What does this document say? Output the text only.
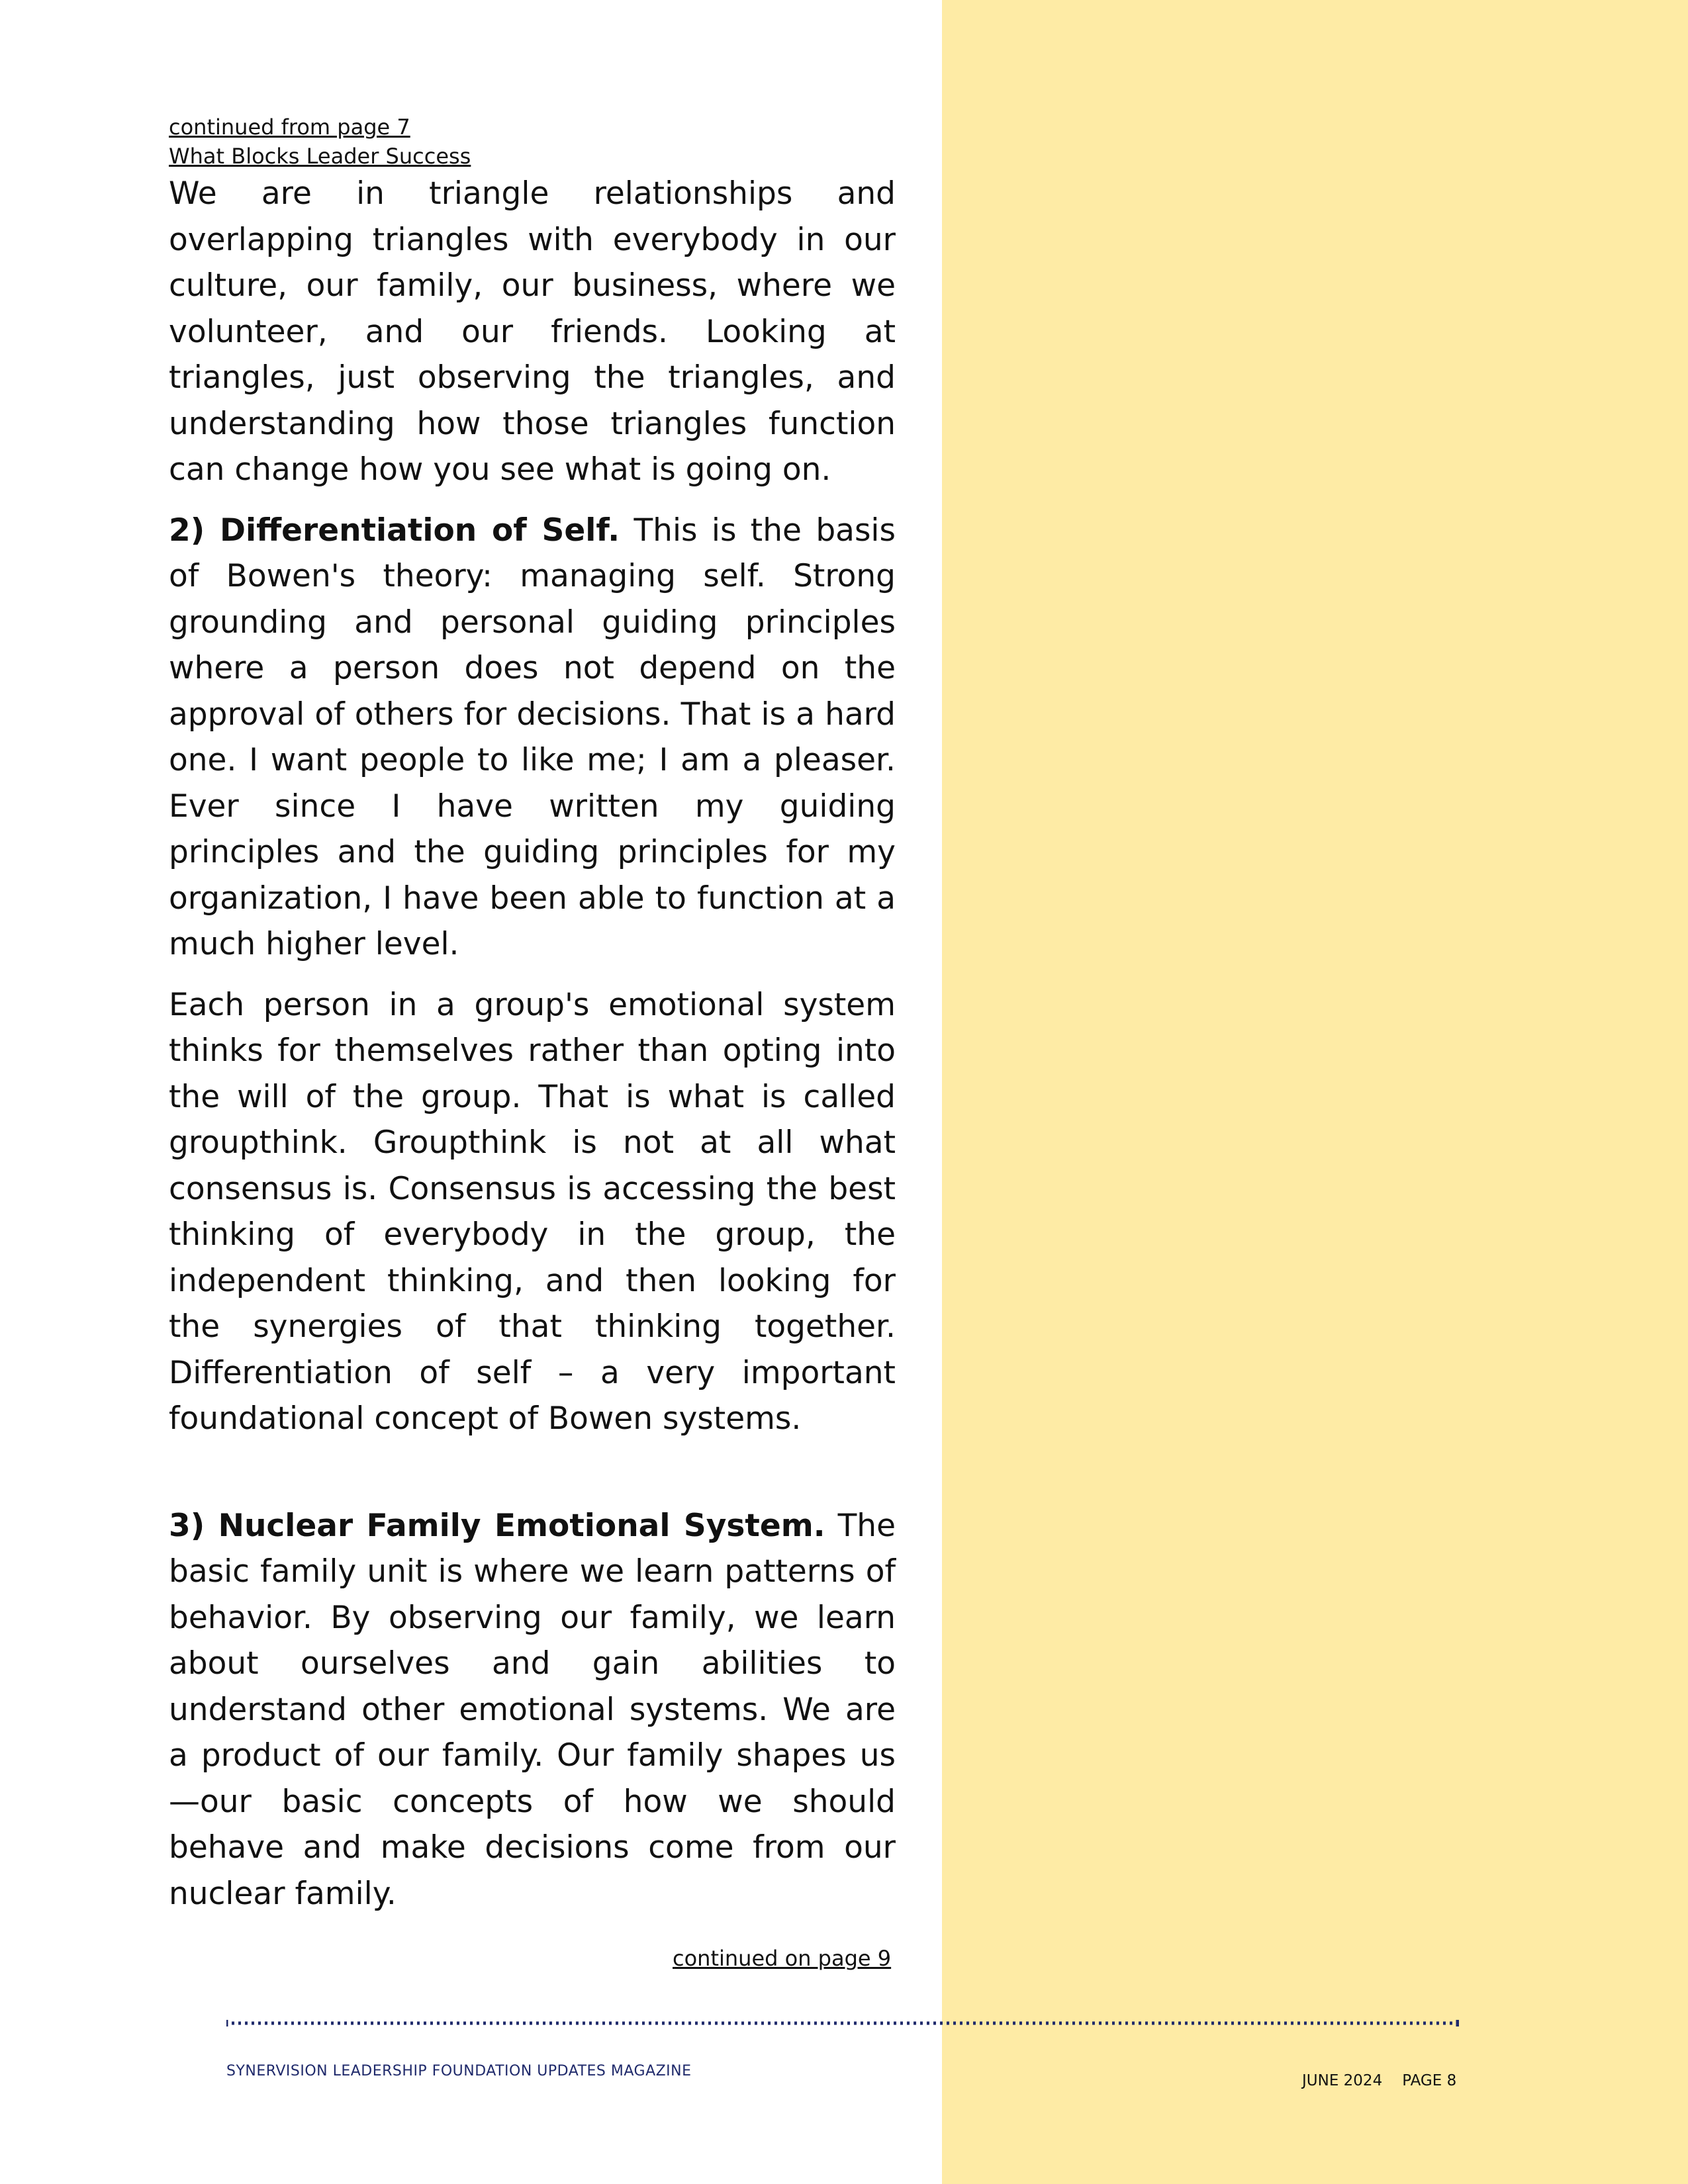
continued from page 7
What Blocks Leader Success

We are in triangle relationships and overlapping triangles with everybody in our culture, our family, our business, where we volunteer, and our friends. Looking at triangles, just observing the triangles, and understanding how those triangles function can change how you see what is going on.

2) Differentiation of Self. This is the basis of Bowen's theory: managing self. Strong grounding and personal guiding principles where a person does not depend on the approval of others for decisions. That is a hard one. I want people to like me; I am a pleaser. Ever since I have written my guiding principles and the guiding principles for my organization, I have been able to function at a much higher level.

Each person in a group's emotional system thinks for themselves rather than opting into the will of the group. That is what is called groupthink. Groupthink is not at all what consensus is. Consensus is accessing the best thinking of everybody in the group, the independent thinking, and then looking for the synergies of that thinking together. Differentiation of self – a very important foundational concept of Bowen systems.

3) Nuclear Family Emotional System. The basic family unit is where we learn patterns of behavior. By observing our family, we learn about ourselves and gain abilities to understand other emotional systems. We are a product of our family. Our family shapes us—our basic concepts of how we should behave and make decisions come from our nuclear family.

continued on page 9
SYNERVISION LEADERSHIP FOUNDATION UPDATES MAGAZINE
JUNE 2024 PAGE 8
